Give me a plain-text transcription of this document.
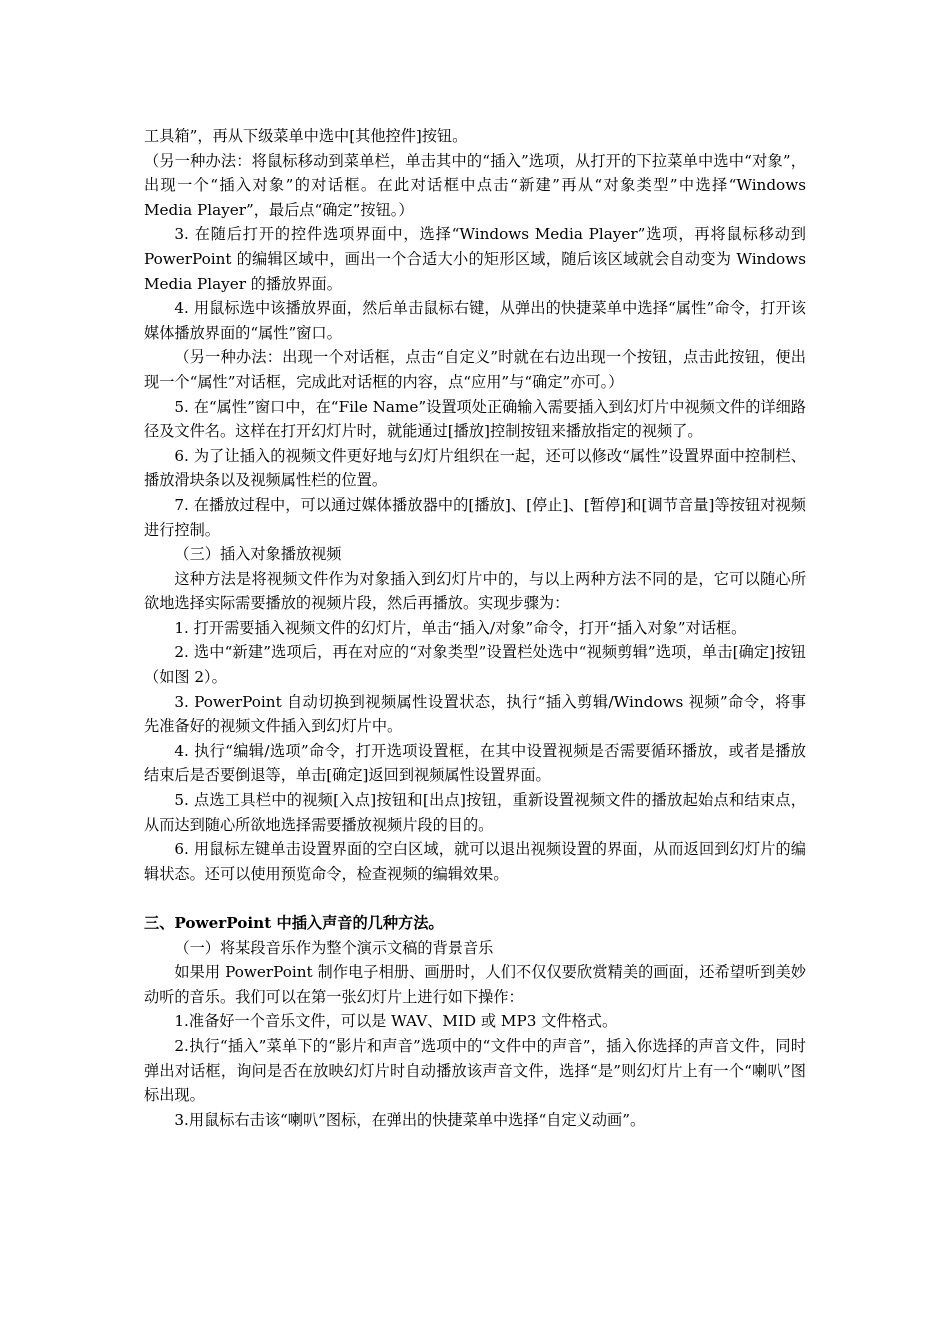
工具箱”，再从下级菜单中选中[其他控件]按钮。

（另一种办法：将鼠标移动到菜单栏，单击其中的“插入”选项，从打开的下拉菜单中选中“对象”，出现一个“插入对象”的对话框。在此对话框中点击“新建”再从“对象类型”中选择“Windows Media Player”，最后点“确定”按钮。）

3. 在随后打开的控件选项界面中，选择“Windows Media Player”选项，再将鼠标移动到 PowerPoint 的编辑区域中，画出一个合适大小的矩形区域，随后该区域就会自动变为 Windows Media Player 的播放界面。

4. 用鼠标选中该播放界面，然后单击鼠标右键，从弹出的快捷菜单中选择“属性”命令，打开该媒体播放界面的“属性”窗口。

（另一种办法：出现一个对话框，点击“自定义”时就在右边出现一个按钮，点击此按钮，便出现一个“属性”对话框，完成此对话框的内容，点“应用”与“确定”亦可。）

5. 在“属性”窗口中，在“File Name”设置项处正确输入需要插入到幻灯片中视频文件的详细路径及文件名。这样在打开幻灯片时，就能通过[播放]控制按钮来播放指定的视频了。

6. 为了让插入的视频文件更好地与幻灯片组织在一起，还可以修改“属性”设置界面中控制栏、播放滑块条以及视频属性栏的位置。

7. 在播放过程中，可以通过媒体播放器中的[播放]、[停止]、[暂停]和[调节音量]等按钮对视频进行控制。

（三）插入对象播放视频

这种方法是将视频文件作为对象插入到幻灯片中的，与以上两种方法不同的是，它可以随心所欲地选择实际需要播放的视频片段，然后再播放。实现步骤为：

1. 打开需要插入视频文件的幻灯片，单击“插入/对象”命令，打开“插入对象”对话框。

2. 选中“新建”选项后，再在对应的“对象类型”设置栏处选中“视频剪辑”选项，单击[确定]按钮（如图 2）。

3. PowerPoint 自动切换到视频属性设置状态，执行“插入剪辑/Windows 视频”命令，将事先准备好的视频文件插入到幻灯片中。

4. 执行“编辑/选项”命令，打开选项设置框，在其中设置视频是否需要循环播放，或者是播放结束后是否要倒退等，单击[确定]返回到视频属性设置界面。

5. 点选工具栏中的视频[入点]按钮和[出点]按钮，重新设置视频文件的播放起始点和结束点，从而达到随心所欲地选择需要播放视频片段的目的。

6. 用鼠标左键单击设置界面的空白区域，就可以退出视频设置的界面，从而返回到幻灯片的编辑状态。还可以使用预览命令，检查视频的编辑效果。

三、PowerPoint 中插入声音的几种方法。

（一）将某段音乐作为整个演示文稿的背景音乐

如果用 PowerPoint 制作电子相册、画册时，人们不仅仅要欣赏精美的画面，还希望听到美妙动听的音乐。我们可以在第一张幻灯片上进行如下操作：

1.准备好一个音乐文件，可以是 WAV、MID 或 MP3 文件格式。

2.执行“插入”菜单下的“影片和声音”选项中的“文件中的声音”，插入你选择的声音文件，同时弹出对话框，询问是否在放映幻灯片时自动播放该声音文件，选择“是”则幻灯片上有一个“喇叭”图标出现。

3.用鼠标右击该“喇叭”图标，在弹出的快捷菜单中选择“自定义动画”。
